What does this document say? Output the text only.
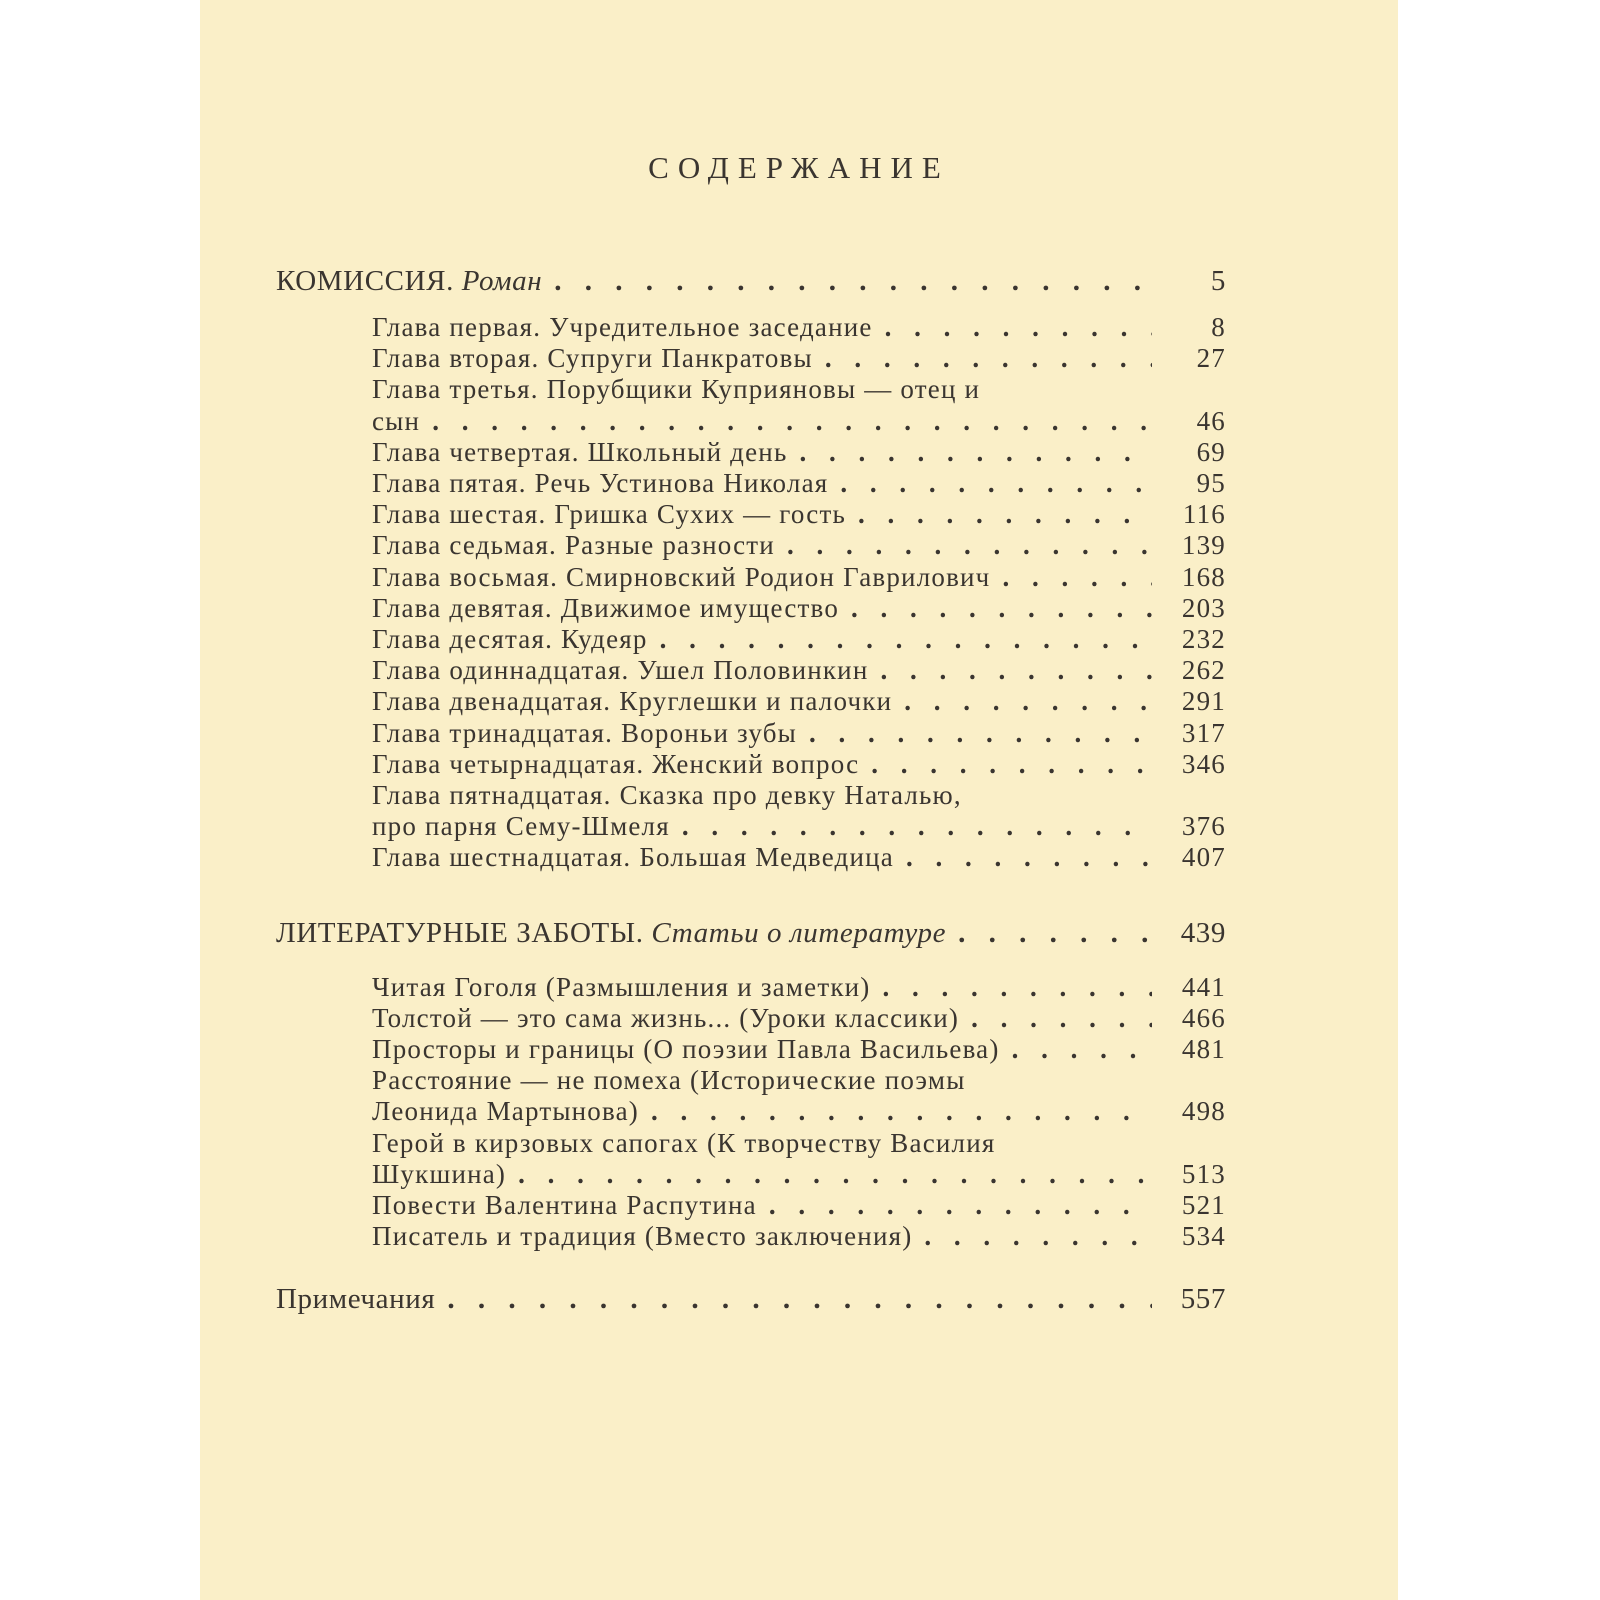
СОДЕРЖАНИЕ
КОМИССИЯ. Роман . . .	5
Глава первая. Учредительное заседание . . .	8
Глава вторая. Супруги Панкратовы . . .	27
Глава третья. Порубщики Куприяновы — отец и
сын . . .	46
Глава четвертая. Школьный день . . .	69
Глава пятая. Речь Устинова Николая . . .	95
Глава шестая. Гришка Сухих — гость . . .	116
Глава седьмая. Разные разности . . .	139
Глава восьмая. Смирновский Родион Гаврилович . . .	168
Глава девятая. Движимое имущество . . .	203
Глава десятая. Кудеяр . . .	232
Глава одиннадцатая. Ушел Половинкин . . .	262
Глава двенадцатая. Круглешки и палочки . . .	291
Глава тринадцатая. Вороньи зубы . . .	317
Глава четырнадцатая. Женский вопрос . . .	346
Глава пятнадцатая. Сказка про девку Наталью,
про парня Сему-Шмеля . . .	376
Глава шестнадцатая. Большая Медведица . . .	407
ЛИТЕРАТУРНЫЕ ЗАБОТЫ. Статьи о литературе . . .	439
Читая Гоголя (Размышления и заметки) . . .	441
Толстой — это сама жизнь... (Уроки классики) . . .	466
Просторы и границы (О поэзии Павла Васильева) . . .	481
Расстояние — не помеха (Исторические поэмы
Леонида Мартынова) . . .	498
Герой в кирзовых сапогах (К творчеству Василия
Шукшина) . . .	513
Повести Валентина Распутина . . .	521
Писатель и традиция (Вместо заключения) . . .	534
Примечания . . .	557
